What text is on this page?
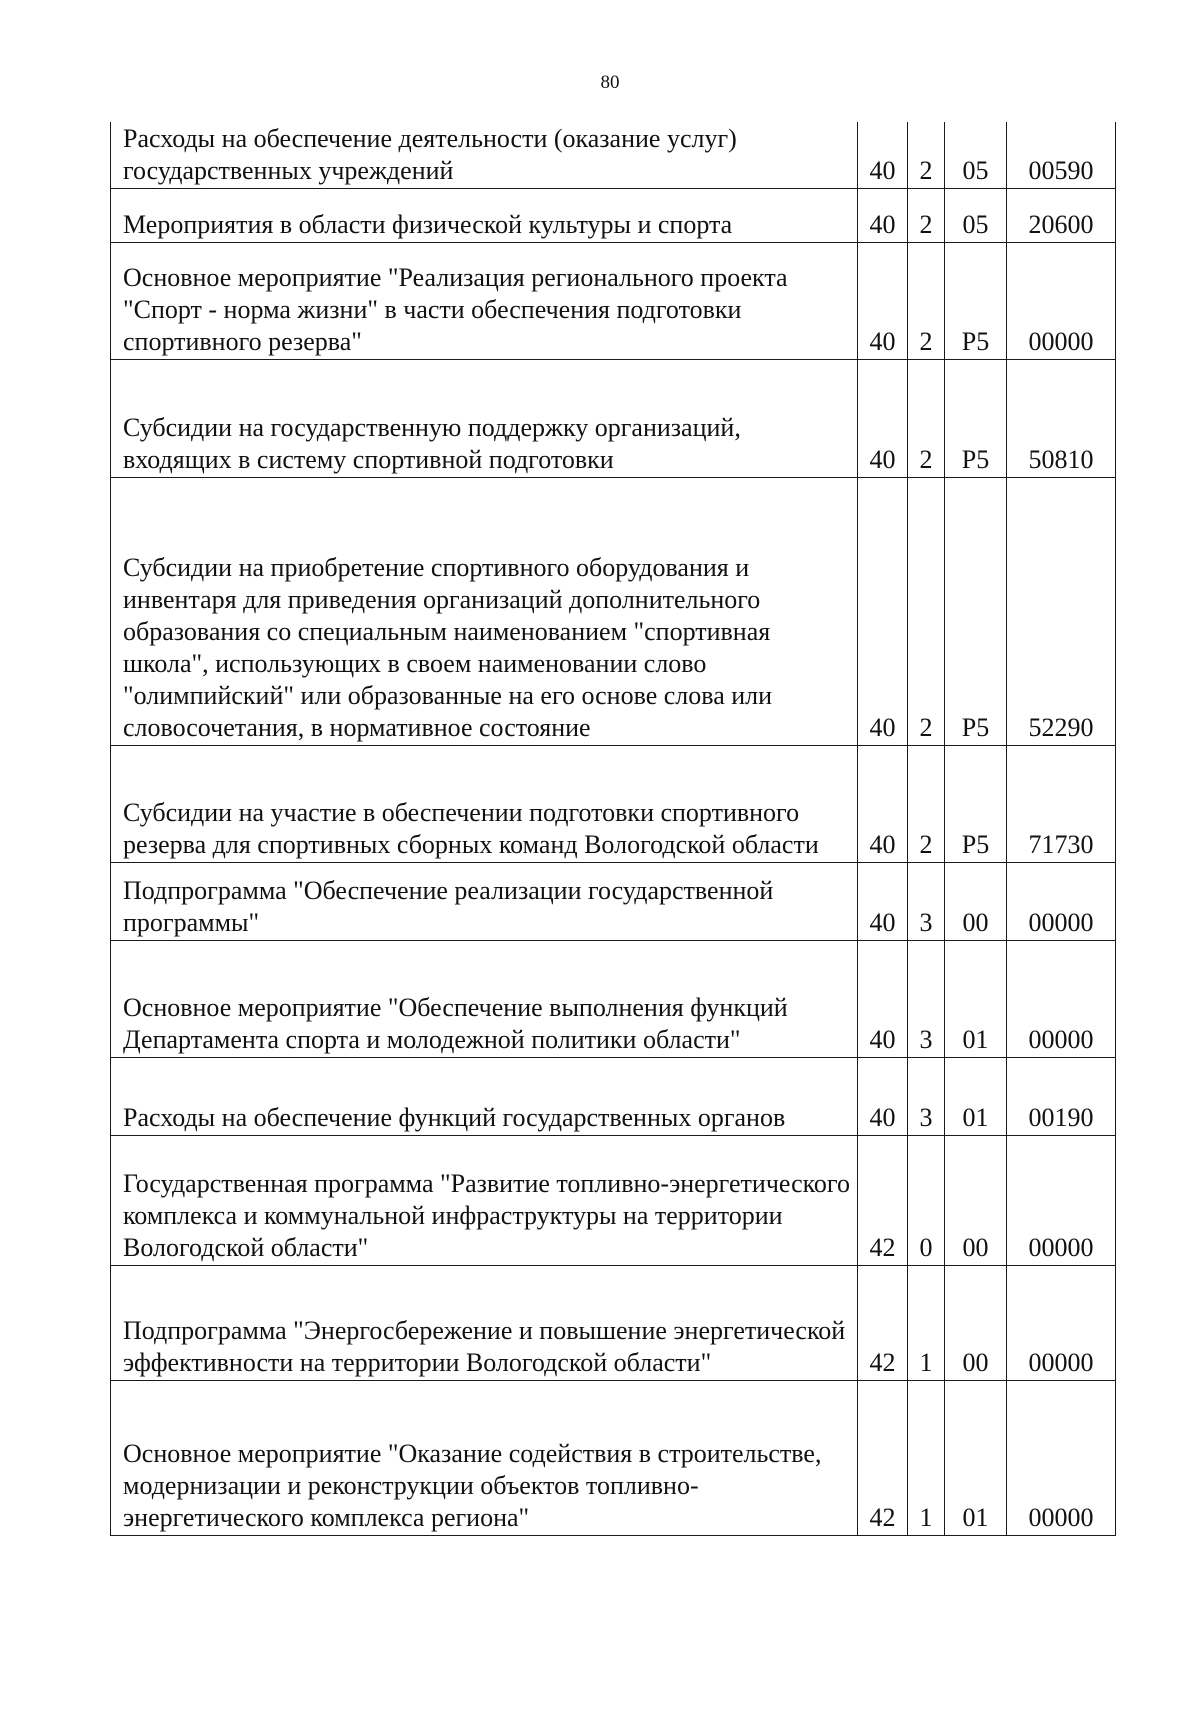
80
Расходы на обеспечение деятельности (оказание услуг) государственных учреждений	40	2	05	00590
Мероприятия в области физической культуры и спорта	40	2	05	20600
Основное мероприятие "Реализация регионального проекта "Спорт - норма жизни" в части обеспечения подготовки спортивного резерва"	40	2	P5	00000
Субсидии на государственную поддержку организаций, входящих в систему спортивной подготовки	40	2	P5	50810
Субсидии на приобретение спортивного оборудования и инвентаря для приведения организаций дополнительного образования со специальным наименованием "спортивная школа", использующих в своем наименовании слово "олимпийский" или образованные на его основе слова или словосочетания, в нормативное состояние	40	2	P5	52290
Субсидии на участие в обеспечении подготовки спортивного резерва для спортивных сборных команд Вологодской области	40	2	P5	71730
Подпрограмма "Обеспечение реализации государственной программы"	40	3	00	00000
Основное мероприятие "Обеспечение выполнения функций Департамента спорта и молодежной политики области"	40	3	01	00000
Расходы на обеспечение функций государственных органов	40	3	01	00190
Государственная программа "Развитие топливно-энергетического комплекса и коммунальной инфраструктуры на территории Вологодской области"	42	0	00	00000
Подпрограмма "Энергосбережение и повышение энергетической эффективности на территории Вологодской области"	42	1	00	00000
Основное мероприятие "Оказание содействия в строительстве, модернизации и реконструкции объектов топливно-энергетического комплекса региона"	42	1	01	00000
